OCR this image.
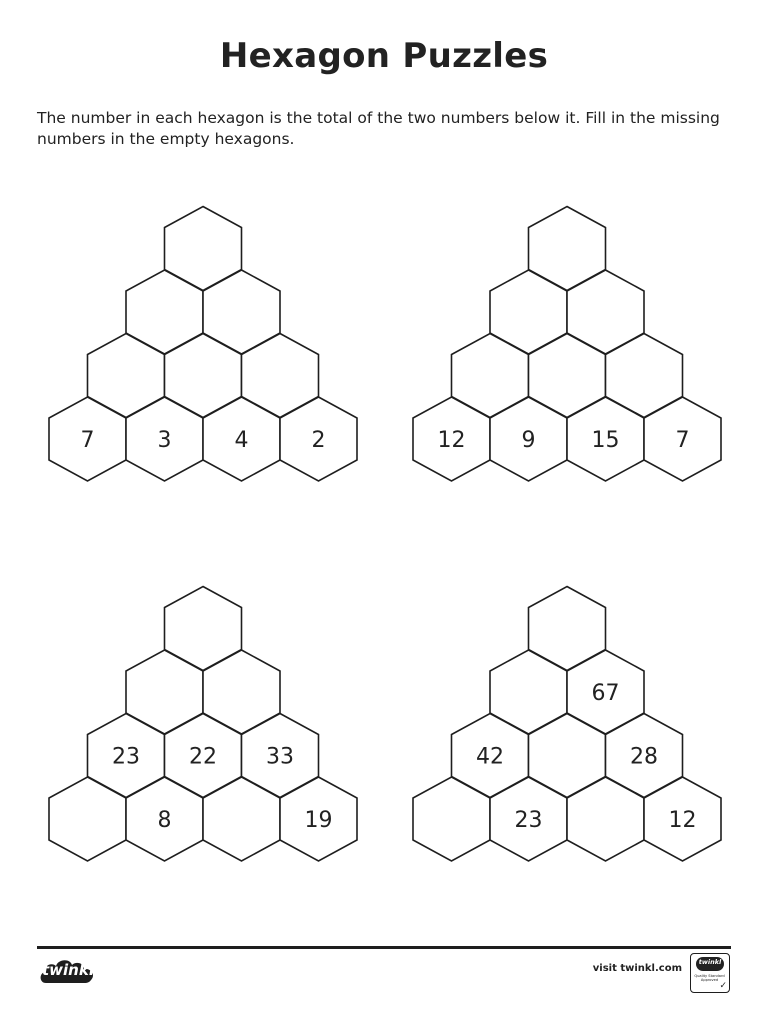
Hexagon Puzzles

The number in each hexagon is the total of the two numbers below it. Fill in the missing numbers in the empty hexagons.

7	3	4	2	12	9	15	7
23 22 33
8	19
67
42	28
23	12
twinkl	visit twinkl.com
twinkl
Quality Standard Approved
✓
